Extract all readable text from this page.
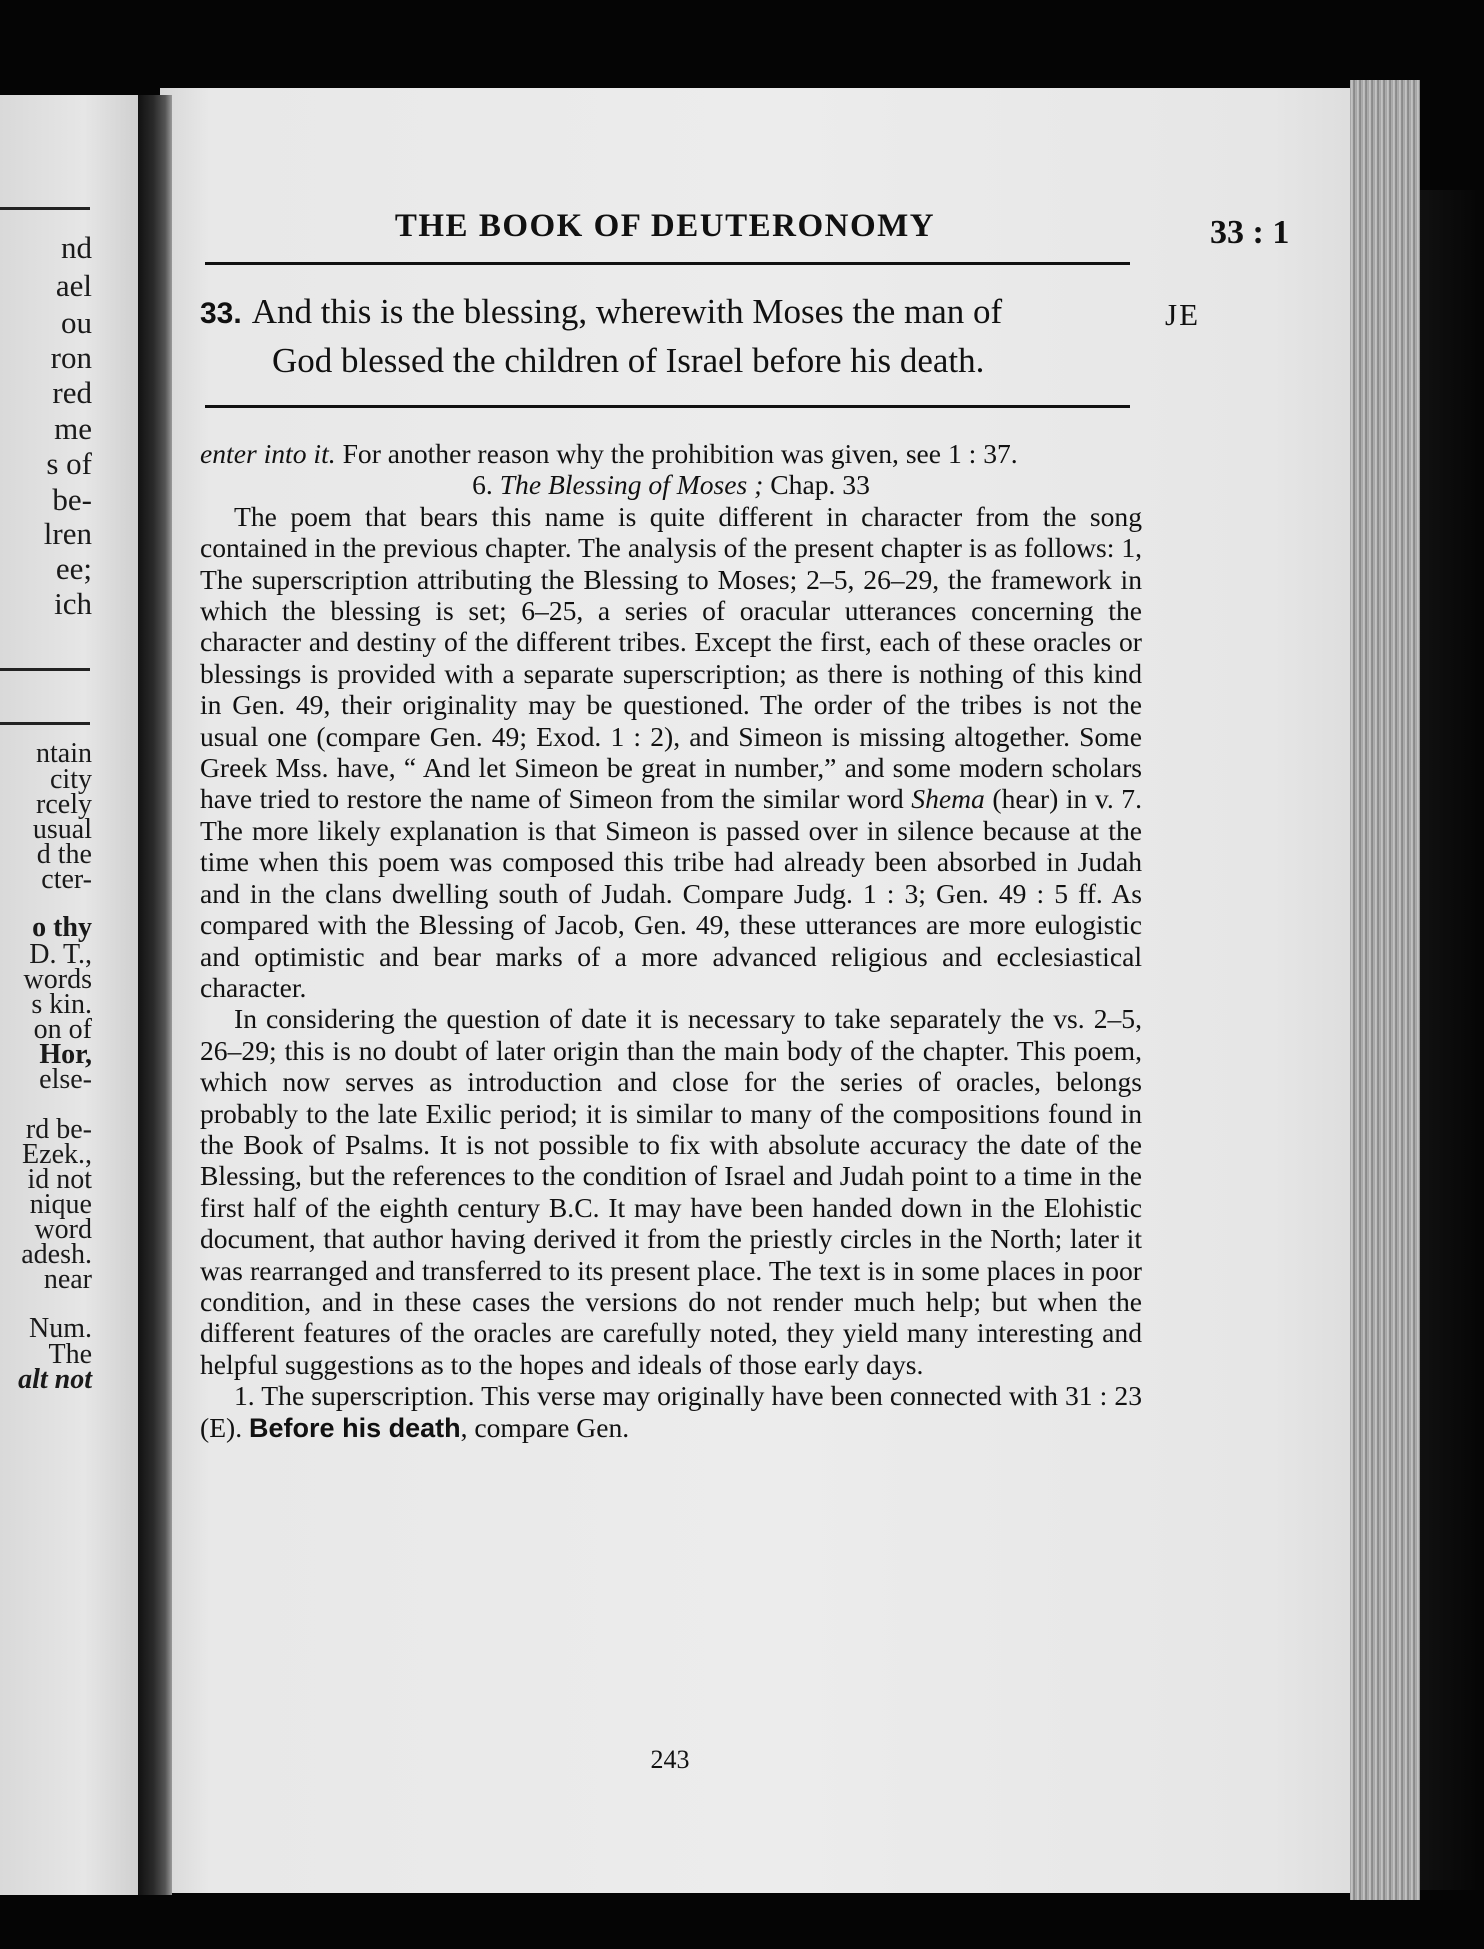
nd
ael
ou
ron
red
me
s of
be-
lren
ee;
ich
ntain
city
rcely
usual
d the
cter-
o thy
D. T.,
words
s kin.
on of
Hor,
else-
rd be-
Ezek.,
id not
nique
word
adesh.
near
Num.
The
alt not
THE BOOK OF DEUTERONOMY	33 : 1
33. And this is the blessing, wherewith Moses the man of
God blessed the children of Israel before his death.
JE

enter into it. For another reason why the prohibition was given, see 1 : 37.

6. The Blessing of Moses ; Chap. 33

The poem that bears this name is quite different in character from the song contained in the previous chapter. The analysis of the present chapter is as follows: 1, The superscription attributing the Blessing to Moses; 2–5, 26–29, the framework in which the blessing is set; 6–25, a series of oracular utterances concerning the character and destiny of the different tribes. Except the first, each of these oracles or blessings is provided with a separate superscription; as there is nothing of this kind in Gen. 49, their originality may be questioned. The order of the tribes is not the usual one (compare Gen. 49; Exod. 1 : 2), and Simeon is missing altogether. Some Greek Mss. have, “ And let Simeon be great in number,” and some modern scholars have tried to restore the name of Simeon from the similar word Shema (hear) in v. 7. The more likely explanation is that Simeon is passed over in silence because at the time when this poem was composed this tribe had already been absorbed in Judah and in the clans dwelling south of Judah. Compare Judg. 1 : 3; Gen. 49 : 5 ff. As compared with the Blessing of Jacob, Gen. 49, these utterances are more eulogistic and optimistic and bear marks of a more advanced religious and ecclesiastical character.

In considering the question of date it is necessary to take separately the vs. 2–5, 26–29; this is no doubt of later origin than the main body of the chapter. This poem, which now serves as introduction and close for the series of oracles, belongs probably to the late Exilic period; it is similar to many of the compositions found in the Book of Psalms. It is not possible to fix with absolute accuracy the date of the Blessing, but the references to the condition of Israel and Judah point to a time in the first half of the eighth century B.C. It may have been handed down in the Elohistic document, that author having derived it from the priestly circles in the North; later it was rearranged and transferred to its present place. The text is in some places in poor condition, and in these cases the versions do not render much help; but when the different features of the oracles are carefully noted, they yield many interesting and helpful suggestions as to the hopes and ideals of those early days.

1. The superscription. This verse may originally have been connected with 31 : 23 (E). Before his death, compare Gen.

243
